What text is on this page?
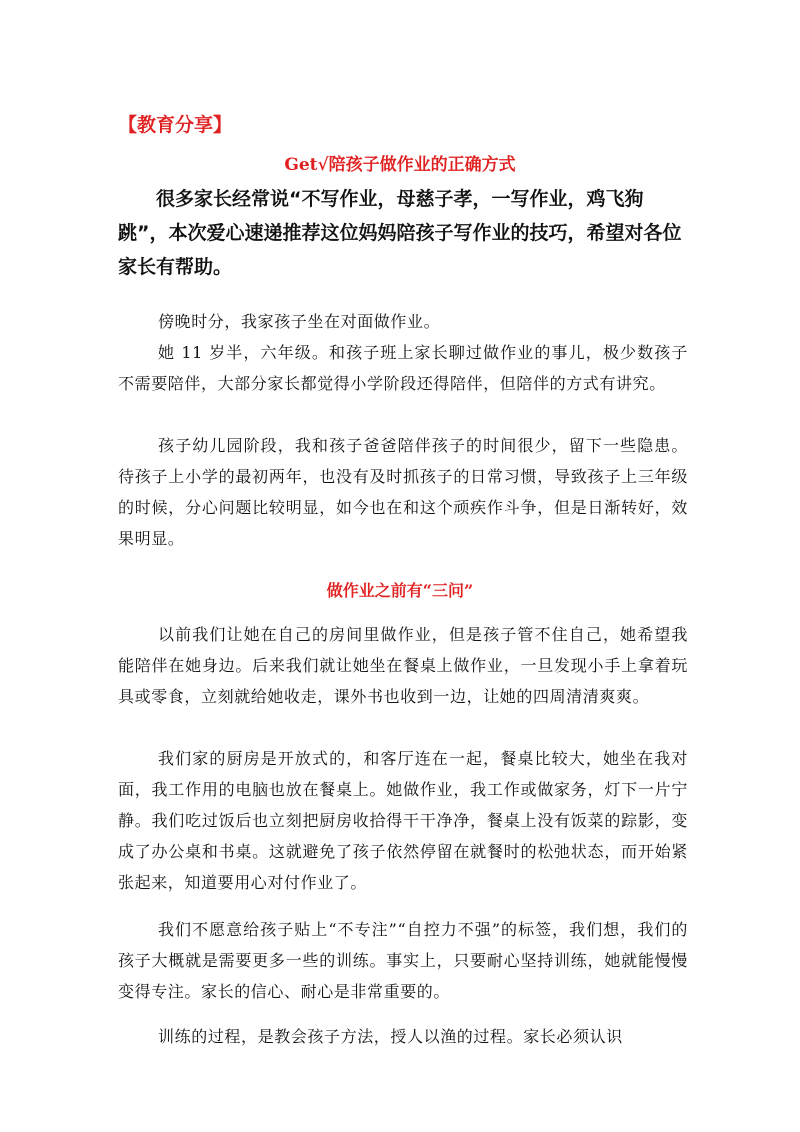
【教育分享】
Get√陪孩子做作业的正确方式

很多家长经常说“不写作业，母慈子孝，一写作业，鸡飞狗跳”，本次爱心速递推荐这位妈妈陪孩子写作业的技巧，希望对各位家长有帮助。

傍晚时分，我家孩子坐在对面做作业。

她 11 岁半，六年级。和孩子班上家长聊过做作业的事儿，极少数孩子不需要陪伴，大部分家长都觉得小学阶段还得陪伴，但陪伴的方式有讲究。

孩子幼儿园阶段，我和孩子爸爸陪伴孩子的时间很少，留下一些隐患。待孩子上小学的最初两年，也没有及时抓孩子的日常习惯，导致孩子上三年级的时候，分心问题比较明显，如今也在和这个顽疾作斗争，但是日渐转好，效果明显。

做作业之前有“三问”

以前我们让她在自己的房间里做作业，但是孩子管不住自己，她希望我能陪伴在她身边。后来我们就让她坐在餐桌上做作业，一旦发现小手上拿着玩具或零食，立刻就给她收走，课外书也收到一边，让她的四周清清爽爽。

我们家的厨房是开放式的，和客厅连在一起，餐桌比较大，她坐在我对面，我工作用的电脑也放在餐桌上。她做作业，我工作或做家务，灯下一片宁静。我们吃过饭后也立刻把厨房收拾得干干净净，餐桌上没有饭菜的踪影，变成了办公桌和书桌。这就避免了孩子依然停留在就餐时的松弛状态，而开始紧张起来，知道要用心对付作业了。

我们不愿意给孩子贴上“不专注”“自控力不强”的标签，我们想，我们的孩子大概就是需要更多一些的训练。事实上，只要耐心坚持训练，她就能慢慢变得专注。家长的信心、耐心是非常重要的。

训练的过程，是教会孩子方法，授人以渔的过程。家长必须认识
